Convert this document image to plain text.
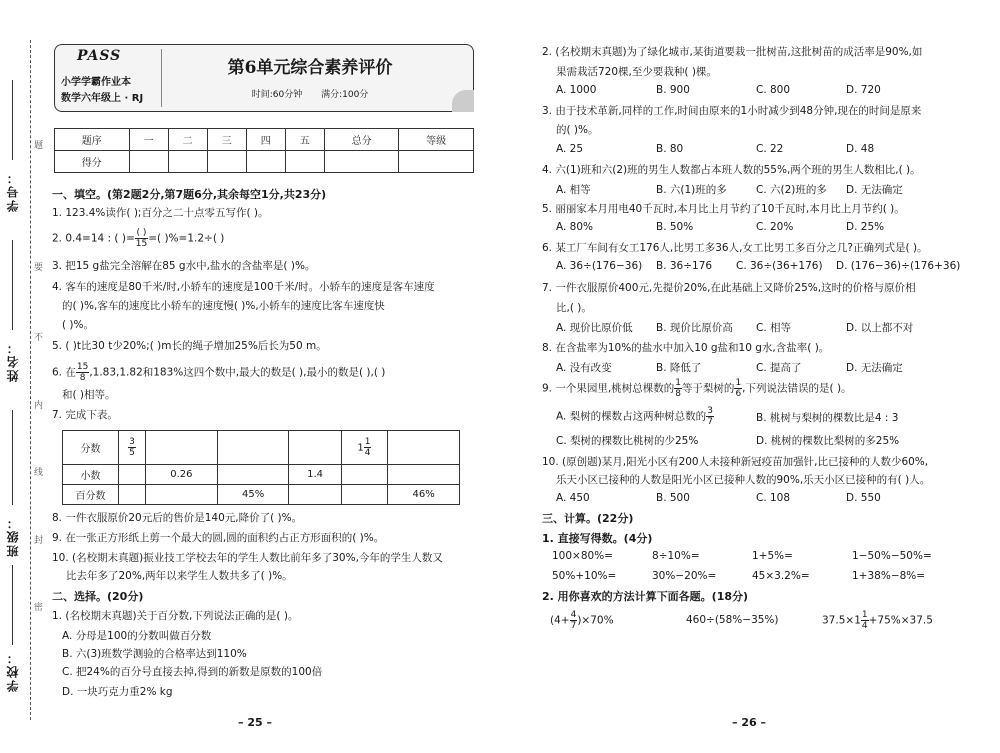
学号：
姓名：
班级：
学校：
题
要
不
内
线
封
密
PASS
小学学霸作业本
数学六年级上 · RJ
第6单元综合素养评价
时间:60分钟 满分:100分
题序	一	二	三	四	五	总分	等级
得分							
一、填空。(第2题2分,第7题6分,其余每空1分,共23分)
1. 123.4%读作( );百分之二十点零五写作( )。
2. 0.4=14 : ( )= $\frac{( )}{15}$ =( )%=1.2÷( )
3. 把15 g盐完全溶解在85 g水中,盐水的含盐率是( )%。
4. 客车的速度是80千米/时,小轿车的速度是100千米/时。小轿车的速度是客车速度
的( )%,客车的速度比小轿车的速度慢( )%,小轿车的速度比客车速度快
( )%。
5. ( )t比30 t少20%;( )m长的绳子增加25%后长为50 m。
6. 在 $\frac{15}{8} ,1.83,1.82$和183%这四个数中,最大的数是( ),最小的数是( ),( )
和( )相等。
7. 完成下表。
分数	$\frac{3}{5}$				$1 \frac{1}{4}$

小数		0.26		1.4		
百分数			45%			46%
8. 一件衣服原价20元后的售价是140元,降价了( )%。
9. 在一张正方形纸上剪一个最大的圆,圆的面积约占正方形面积的( )%。
10. (名校期末真题)振业技工学校去年的学生人数比前年多了30%,今年的学生人数又
比去年多了20%,两年以来学生人数共多了( )%。
二、选择。(20分)
1. (名校期末真题)关于百分数,下列说法正确的是( )。
A. 分母是100的分数叫做百分数
B. 六(3)班数学测验的合格率达到110%
C. 把24%的百分号直接去掉,得到的新数是原数的100倍
D. 一块巧克力重2% kg
– 25 –
2. (名校期末真题)为了绿化城市,某街道要栽一批树苗,这批树苗的成活率是90%,如
果需栽活720棵,至少要栽种( )棵。
A. 1000	B. 900	C. 800	D. 720
3. 由于技术革新,同样的工作,时间由原来的1小时减少到48分钟,现在的时间是原来
的( )%。
A. 25	B. 80	C. 22	D. 48
4. 六(1)班和六(2)班的男生人数都占本班人数的55%,两个班的男生人数相比,( )。
A. 相等	B. 六(1)班的多	C. 六(2)班的多 D. 无法确定
5. 丽丽家本月用电40千瓦时,本月比上月节约了10千瓦时,本月比上月节约( )。
A. 80%	B. 50%	C. 20%	D. 25%
6. 某工厂车间有女工176人,比男工多36人,女工比男工多百分之几?正确列式是( )。
A. 36÷(176−36) B. 36÷176 C. 36÷(36+176) D. (176−36)÷(176+36)
7. 一件衣服原价400元,先提价20%,在此基础上又降价25%,这时的价格与原价相
比,( )。
A. 现价比原价低 B. 现价比原价高 C. 相等	D. 以上都不对
8. 在含盐率为10%的盐水中加入10 g盐和10 g水,含盐率( )。
A. 没有改变	B. 降低了	C. 提高了	D. 无法确定
9. 一个果园里,桃树总棵数的 $\frac{1}{8}$ 等于梨树的 $\frac{1}{6}$ ,下列说法错误的是( )。
A. 梨树的棵数占这两种树总数的 $\frac{3}{7}$	B. 桃树与梨树的棵数比是4 : 3
C. 梨树的棵数比桃树的少25%	D. 桃树的棵数比梨树的多25%
10. (原创题)某月,阳光小区有200人未接种新冠疫苗加强针,比已接种的人数少60%,
乐天小区已接种的人数是阳光小区已接种人数的90%,乐天小区已接种的有( )人。
A. 450	B. 500	C. 108	D. 550
三、计算。(22分)
1. 直接写得数。(4分)
100×80%=	8÷10%=	1+5%=	1−50%−50%=
50%+10%=	30%−20%=	45×3.2%=	1+38%−8%=
2. 用你喜欢的方法计算下面各题。(18分)
$(4+ \frac{4}{7} )\times 70\%$	460÷(58%−35%)	$37.5\times 1 \frac{1}{4} +75\%\times 37.5$
– 26 –
